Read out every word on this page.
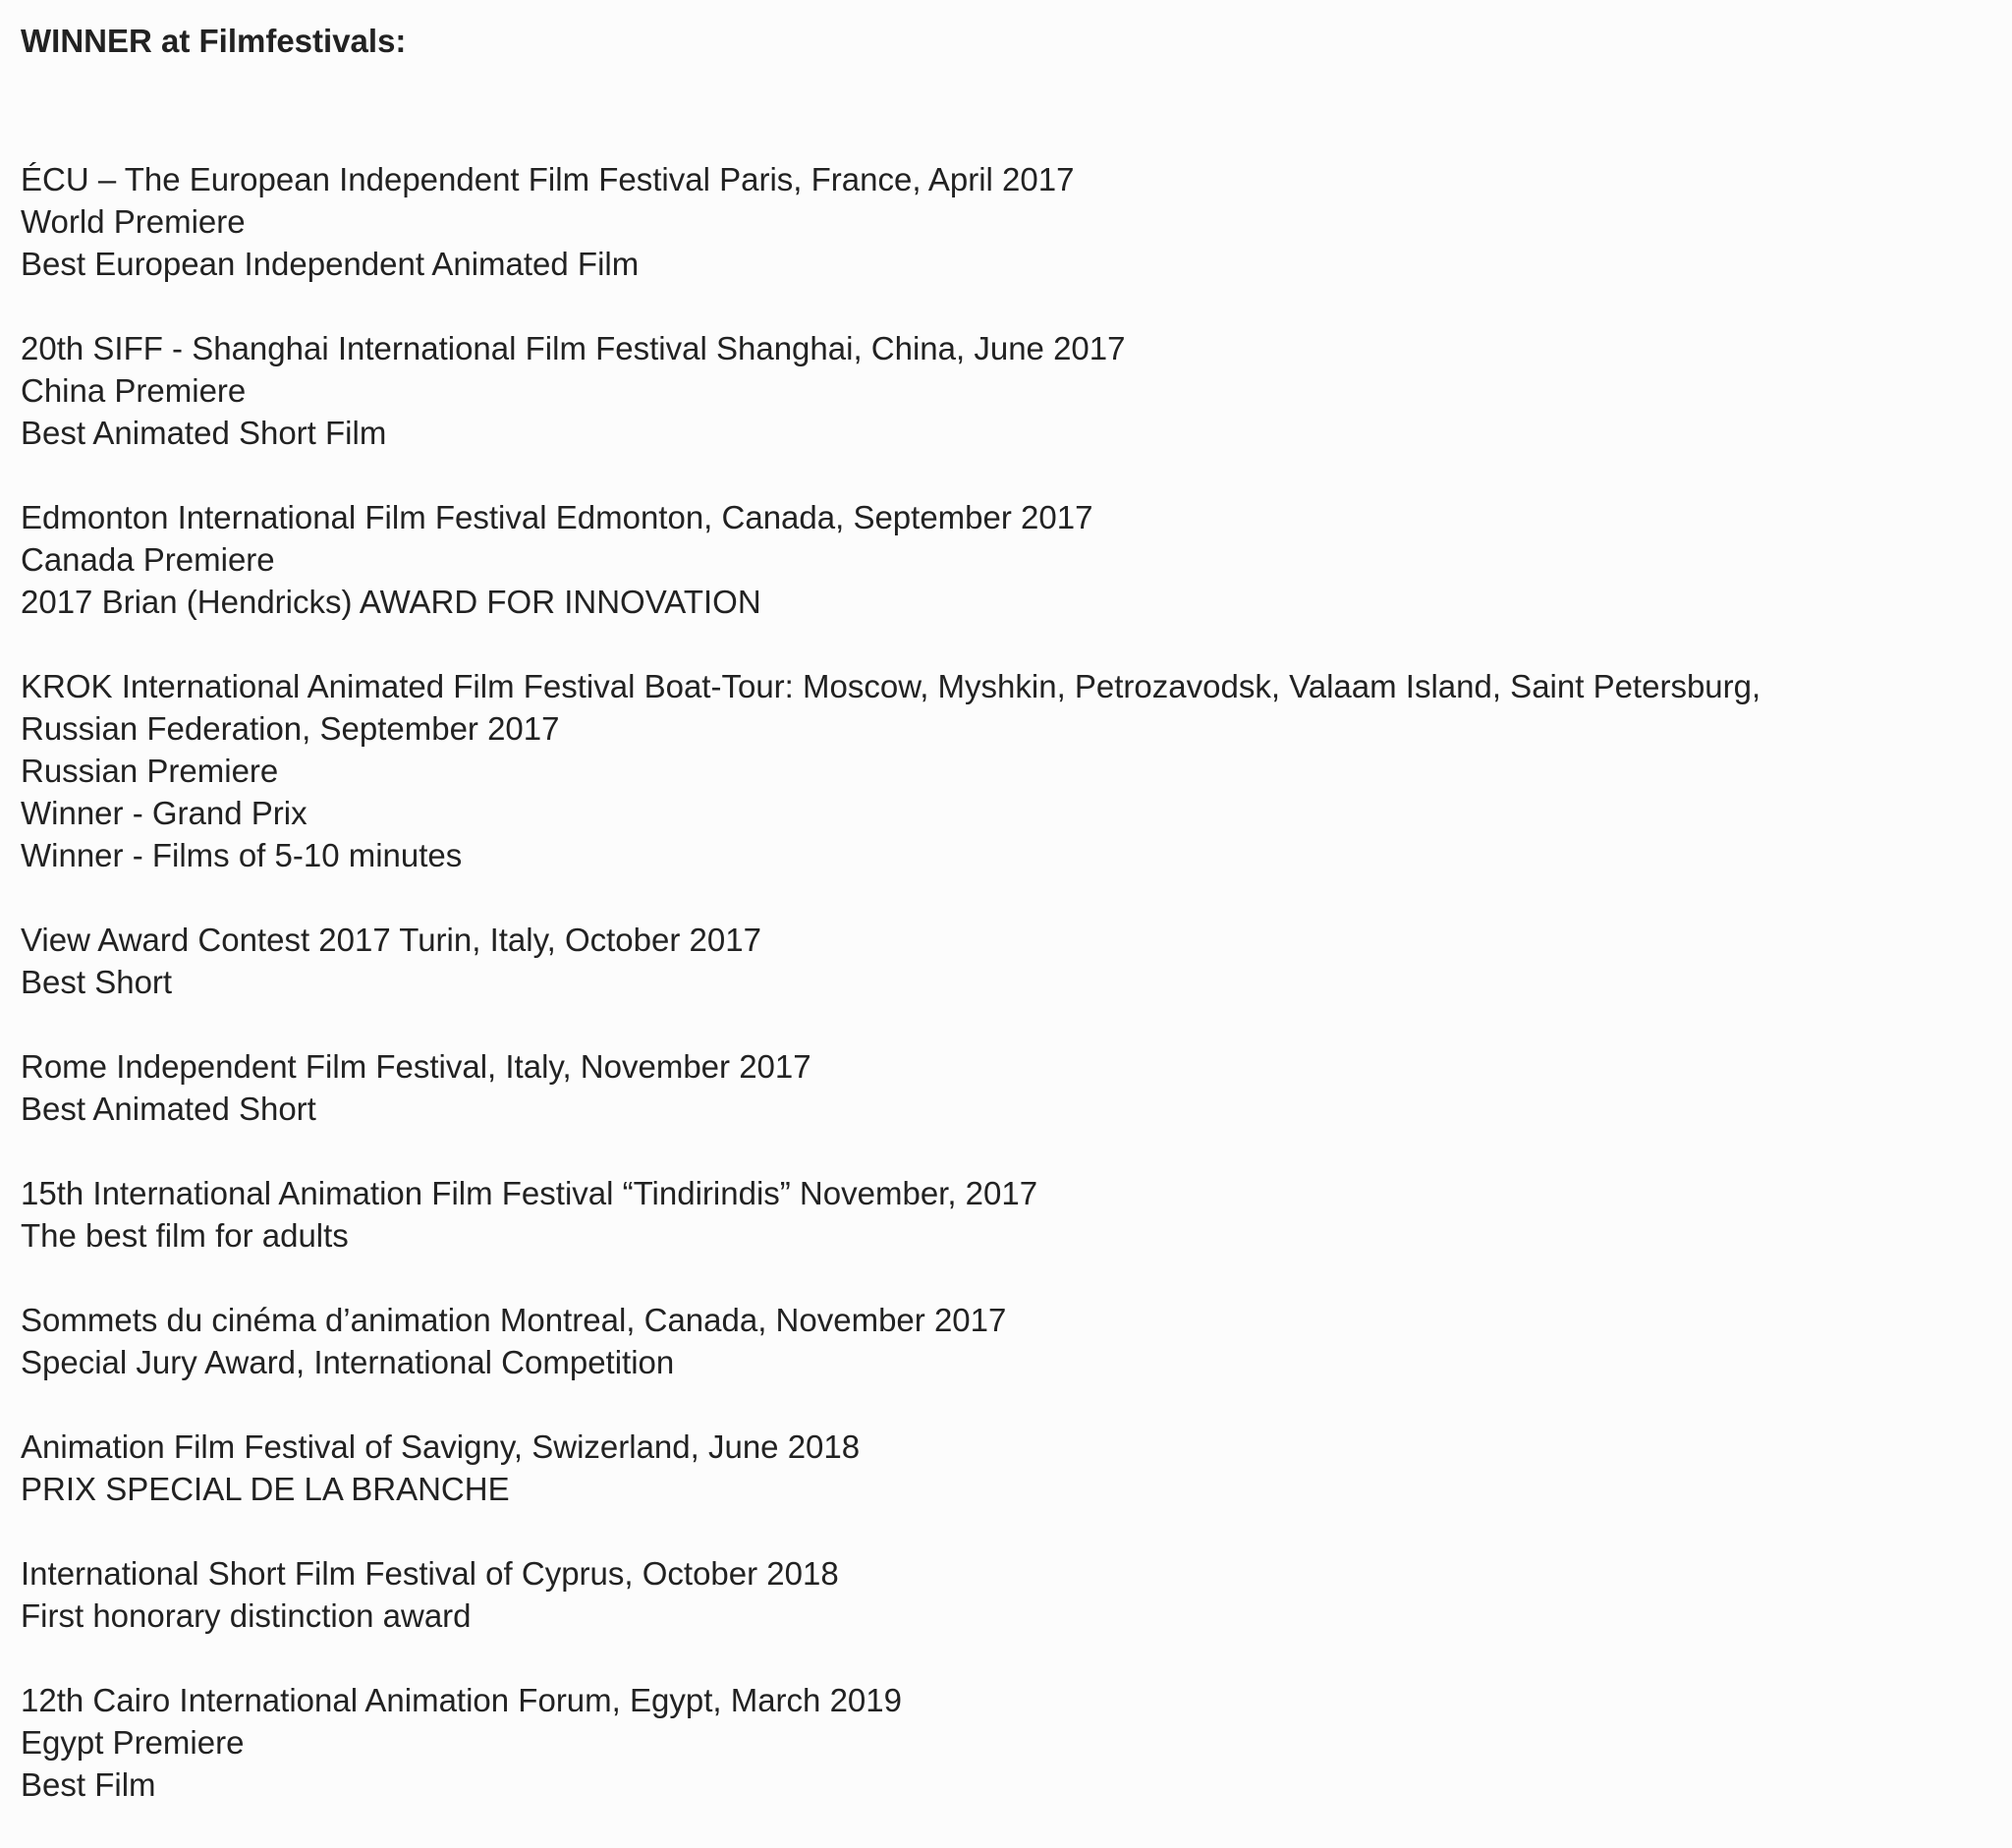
WINNER at Filmfestivals:

ÉCU – The European Independent Film Festival Paris, France, April 2017
World Premiere
Best European Independent Animated Film
20th SIFF - Shanghai International Film Festival Shanghai, China, June 2017
China Premiere
Best Animated Short Film
Edmonton International Film Festival Edmonton, Canada, September 2017
Canada Premiere
2017 Brian (Hendricks) AWARD FOR INNOVATION
KROK International Animated Film Festival Boat-Tour: Moscow, Myshkin, Petrozavodsk, Valaam Island, Saint Petersburg,
Russian Federation, September 2017
Russian Premiere
Winner - Grand Prix
Winner - Films of 5-10 minutes
View Award Contest 2017 Turin, Italy, October 2017
Best Short
Rome Independent Film Festival, Italy, November 2017
Best Animated Short
15th International Animation Film Festival “Tindirindis” November, 2017
The best film for adults
Sommets du cinéma d’animation Montreal, Canada, November 2017
Special Jury Award, International Competition
Animation Film Festival of Savigny, Swizerland, June 2018
PRIX SPECIAL DE LA BRANCHE
International Short Film Festival of Cyprus, October 2018
First honorary distinction award
12th Cairo International Animation Forum, Egypt, March 2019
Egypt Premiere
Best Film
